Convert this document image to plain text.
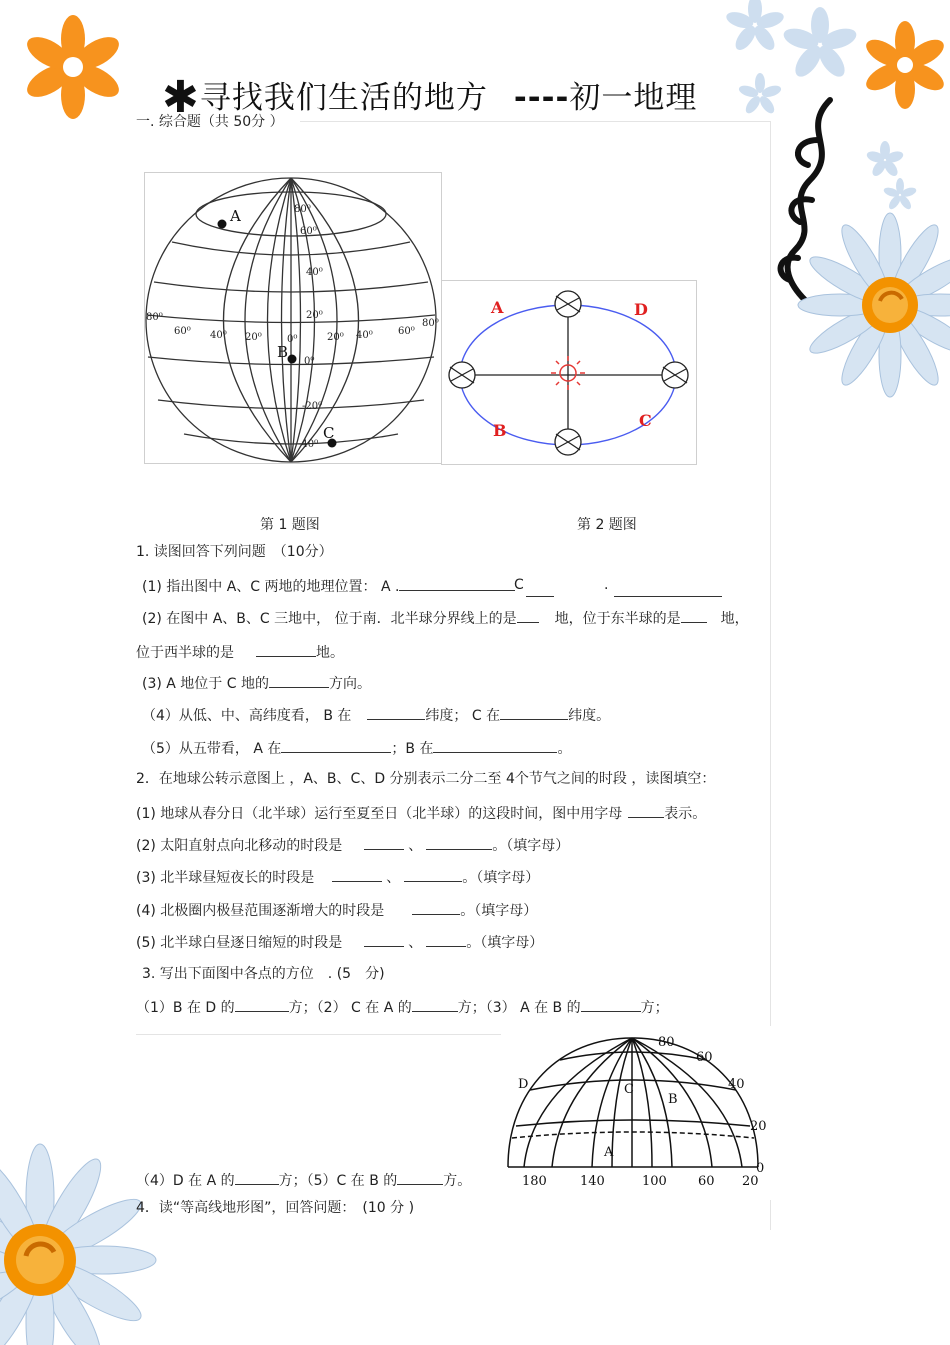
✱寻找我们生活的地方 ----初一地理
一. 综合题（共 50分 ）
80⁰
60⁰
40⁰
20⁰
0⁰
-20⁰
-40⁰
80⁰
60⁰ 40⁰ 20⁰	0⁰	20⁰ 40⁰	60⁰
80⁰
A
B
C
A	D
B
C
第 1 题图	第 2 题图
1. 读图回答下列问题　（10分）
(1) 指出图中 A、C 两地的地理位置： A .	C	.
(2) 在图中 A、B、C 三地中， 位于南．北半球分界线上的是	地，位于东半球的是	地，
位于西半球的是	地。
(3) A 地位于 C 地的	方向。
（4）从低、中、高纬度看， B 在	纬度； C 在	纬度。
（5）从五带看， A 在	；B 在	。
2．在地球公转示意图上 ，A、B、C、D 分别表示二分二至 4个节气之间的时段 ，读图填空：
(1) 地球从春分日（北半球）运行至夏至日（北半球）的这段时间，图中用字母	表示。
(2) 太阳直射点向北移动的时段是	、	。（填字母）
(3) 北半球昼短夜长的时段是	、	。（填字母）
(4) 北极圈内极昼范围逐渐增大的时段是	。（填字母）
(5) 北半球白昼逐日缩短的时段是	、	。（填字母）
3. 写出下面图中各点的方位　. (5　分)
（1）B 在 D 的	方；（2） C 在 A 的	方；（3） A 在 B 的	方；
80
60
40
20
0
180	140	100 60 20
D	C
B
A
（4）D 在 A 的	方；（5）C 在 B 的	方。
4．读“等高线地形图”，回答问题：　(10 分 )
